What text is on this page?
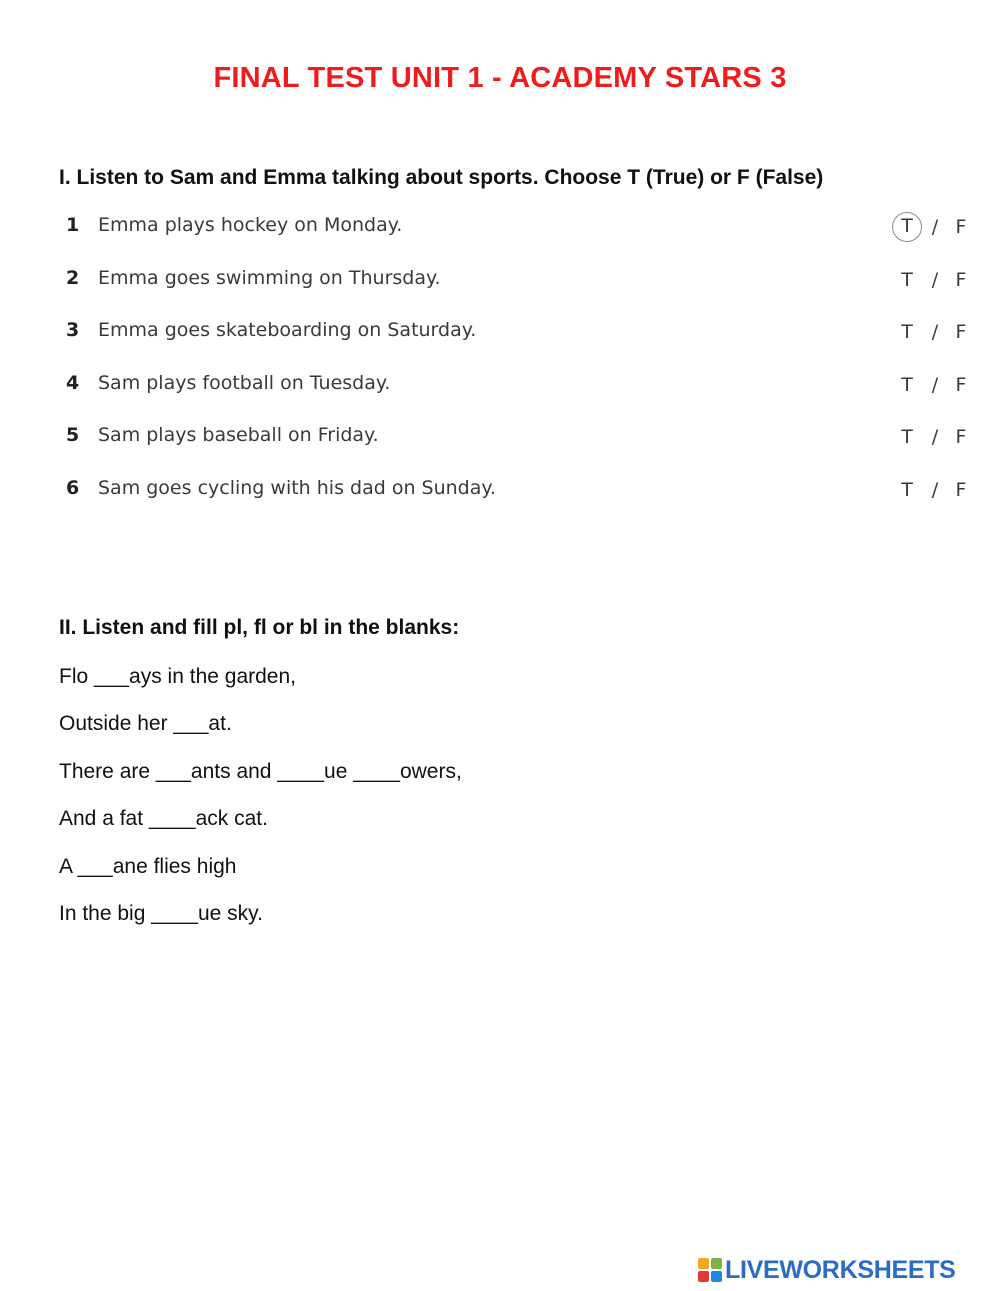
FINAL TEST UNIT 1 - ACADEMY STARS 3
I. Listen to Sam and Emma talking about sports. Choose T (True) or F (False)
1 Emma plays hockey on Monday.	T	/ F
2 Emma goes swimming on Thursday.	T	/ F
3 Emma goes skateboarding on Saturday.	T	/ F
4 Sam plays football on Tuesday.	T	/ F
5 Sam plays baseball on Friday.	T	/ F
6 Sam goes cycling with his dad on Sunday.	T	/ F
II. Listen and fill pl, fl or bl in the blanks:
Flo ___ays in the garden,
Outside her ___at.
There are ___ants and ____ue ____owers,
And a fat ____ack cat.
A ___ane flies high
In the big ____ue sky.
LIVEWORKSHEETS
